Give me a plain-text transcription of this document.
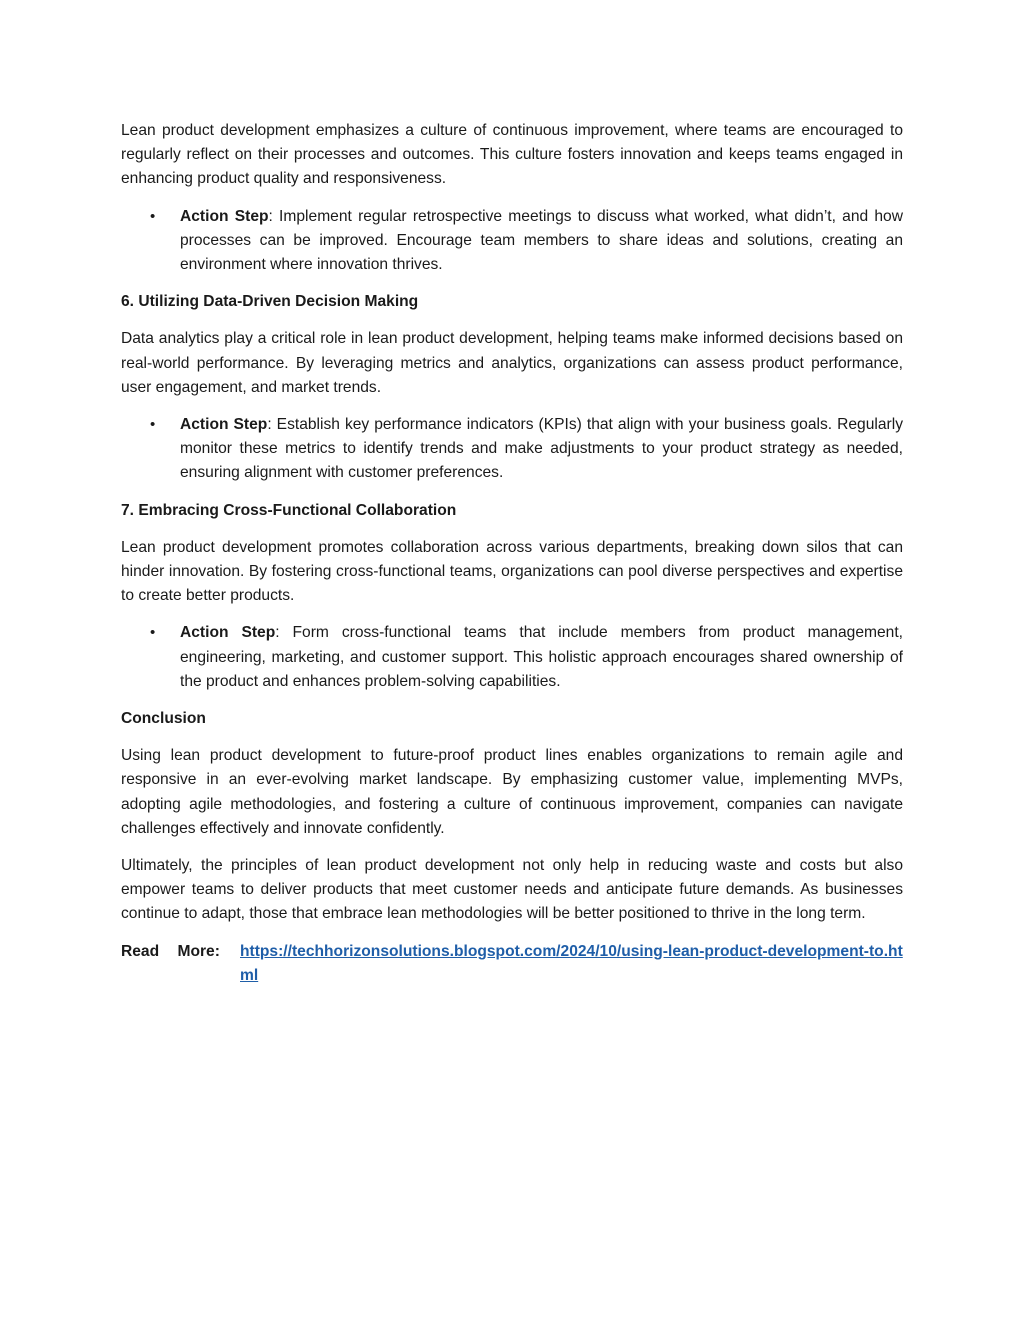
Lean product development emphasizes a culture of continuous improvement, where teams are encouraged to regularly reflect on their processes and outcomes. This culture fosters innovation and keeps teams engaged in enhancing product quality and responsiveness.

• Action Step: Implement regular retrospective meetings to discuss what worked, what didn’t, and how processes can be improved. Encourage team members to share ideas and solutions, creating an environment where innovation thrives.
6. Utilizing Data-Driven Decision Making

Data analytics play a critical role in lean product development, helping teams make informed decisions based on real-world performance. By leveraging metrics and analytics, organizations can assess product performance, user engagement, and market trends.

• Action Step: Establish key performance indicators (KPIs) that align with your business goals. Regularly monitor these metrics to identify trends and make adjustments to your product strategy as needed, ensuring alignment with customer preferences.
7. Embracing Cross-Functional Collaboration

Lean product development promotes collaboration across various departments, breaking down silos that can hinder innovation. By fostering cross-functional teams, organizations can pool diverse perspectives and expertise to create better products.

• Action Step: Form cross-functional teams that include members from product management, engineering, marketing, and customer support. This holistic approach encourages shared ownership of the product and enhances problem-solving capabilities.
Conclusion

Using lean product development to future-proof product lines enables organizations to remain agile and responsive in an ever-evolving market landscape. By emphasizing customer value, implementing MVPs, adopting agile methodologies, and fostering a culture of continuous improvement, companies can navigate challenges effectively and innovate confidently.

Ultimately, the principles of lean product development not only help in reducing waste and costs but also empower teams to deliver products that meet customer needs and anticipate future demands. As businesses continue to adapt, those that embrace lean methodologies will be better positioned to thrive in the long term.

Read More:	https://techhorizonsolutions.blogspot.com/2024/10/using-lean-product-development-to.html
